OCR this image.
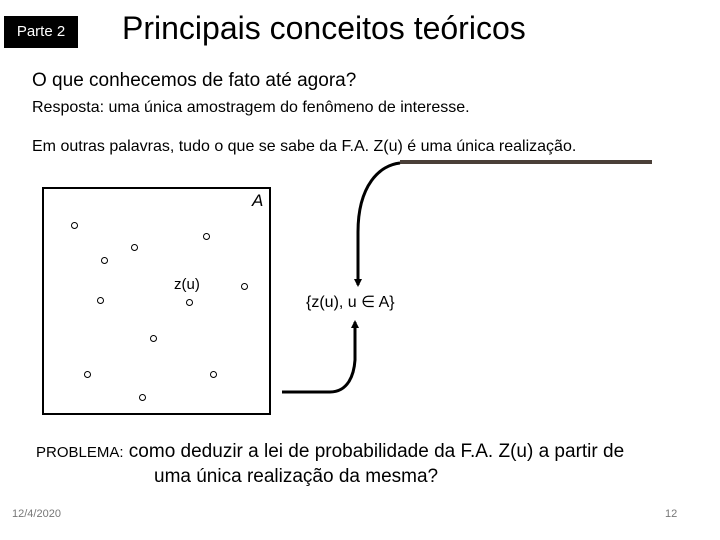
Parte 2	Principais conceitos teóricos
O que conhecemos de fato até agora?
Resposta: uma única amostragem do fenômeno de interesse.
Em outras palavras, tudo o que se sabe da F.A. Z(u) é uma única realização.
A
z(u)
{z(u), u ∈ A}
PROBLEMA: como deduzir a lei de probabilidade da F.A. Z(u) a partir de
uma única realização da mesma?
12/4/2020	12
